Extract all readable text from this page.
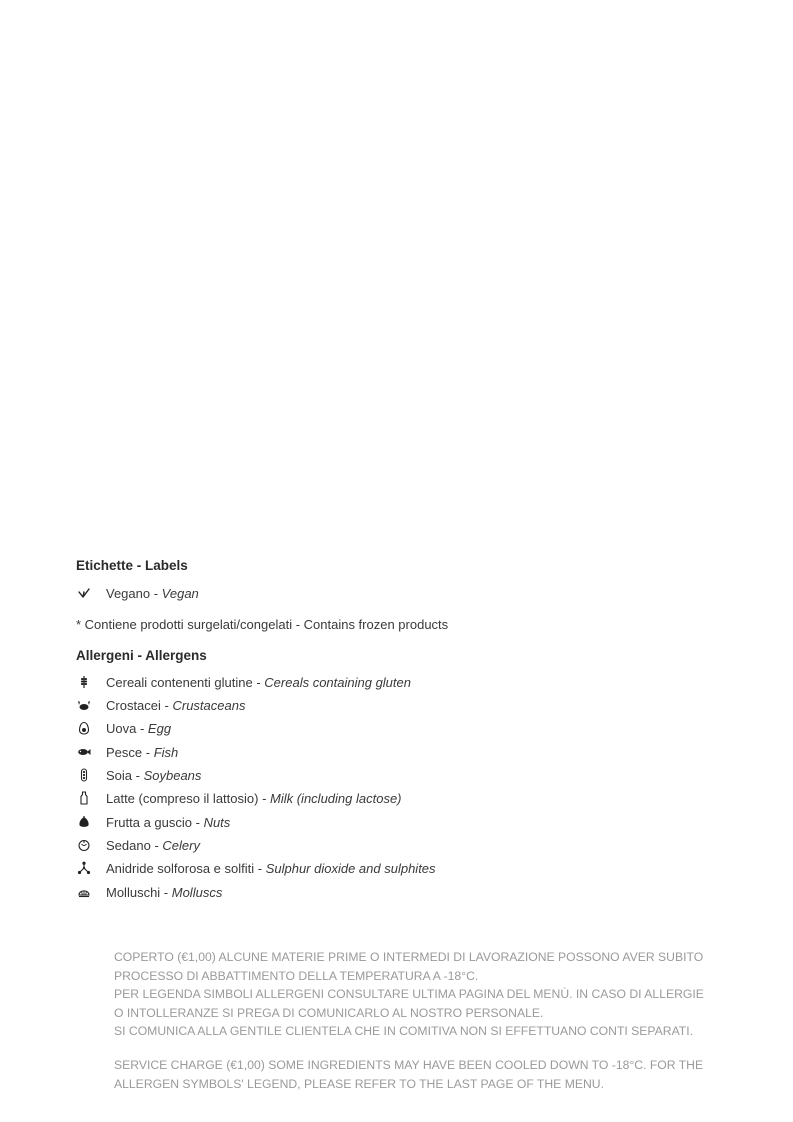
Etichette - Labels
Vegano - Vegan
* Contiene prodotti surgelati/congelati - Contains frozen products
Allergeni - Allergens
Cereali contenenti glutine - Cereals containing gluten
Crostacei - Crustaceans
Uova - Egg
Pesce - Fish
Soia - Soybeans
Latte (compreso il lattosio) - Milk (including lactose)
Frutta a guscio - Nuts
Sedano - Celery
Anidride solforosa e solfiti - Sulphur dioxide and sulphites
Molluschi - Molluscs

COPERTO (€1,00) ALCUNE MATERIE PRIME O INTERMEDI DI LAVORAZIONE POSSONO AVER SUBITO PROCESSO DI ABBATTIMENTO DELLA TEMPERATURA A -18°C.

PER LEGENDA SIMBOLI ALLERGENI CONSULTARE ULTIMA PAGINA DEL MENÙ. IN CASO DI ALLERGIE O INTOLLERANZE SI PREGA DI COMUNICARLO AL NOSTRO PERSONALE.

SI COMUNICA ALLA GENTILE CLIENTELA CHE IN COMITIVA NON SI EFFETTUANO CONTI SEPARATI.

SERVICE CHARGE (€1,00) SOME INGREDIENTS MAY HAVE BEEN COOLED DOWN TO -18°C. FOR THE ALLERGEN SYMBOLS' LEGEND, PLEASE REFER TO THE LAST PAGE OF THE MENU.
